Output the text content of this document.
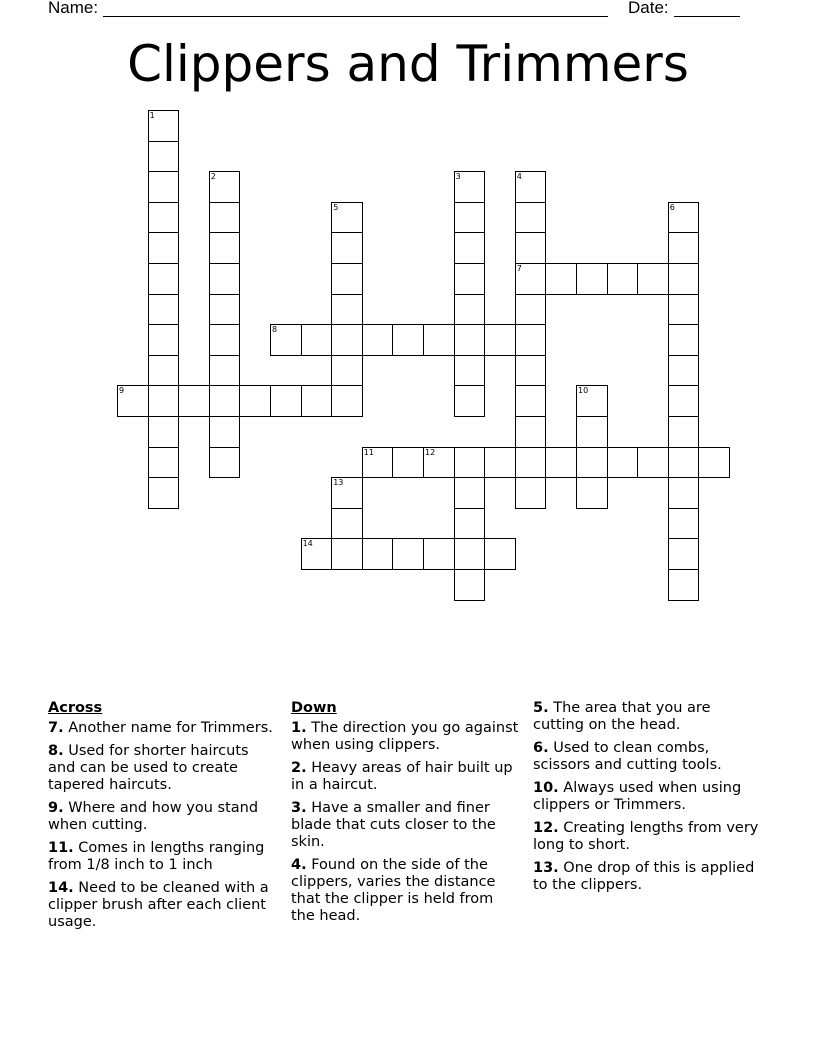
Name:	Date:
Clippers and Trimmers
1
2	3	4
5	6
7
8
9	10
11	12
13
14
Across
7. Another name for Trimmers.
8. Used for shorter haircuts and can be used to create tapered haircuts.
9. Where and how you stand when cutting.
11. Comes in lengths ranging from 1/8 inch to 1 inch
14. Need to be cleaned with a clipper brush after each client usage.
Down
1. The direction you go against when using clippers.
2. Heavy areas of hair built up in a haircut.
3. Have a smaller and finer blade that cuts closer to the skin.
4. Found on the side of the clippers, varies the distance that the clipper is held from the head.
5. The area that you are cutting on the head.
6. Used to clean combs, scissors and cutting tools.
10. Always used when using clippers or Trimmers.
12. Creating lengths from very long to short.
13. One drop of this is applied to the clippers.
